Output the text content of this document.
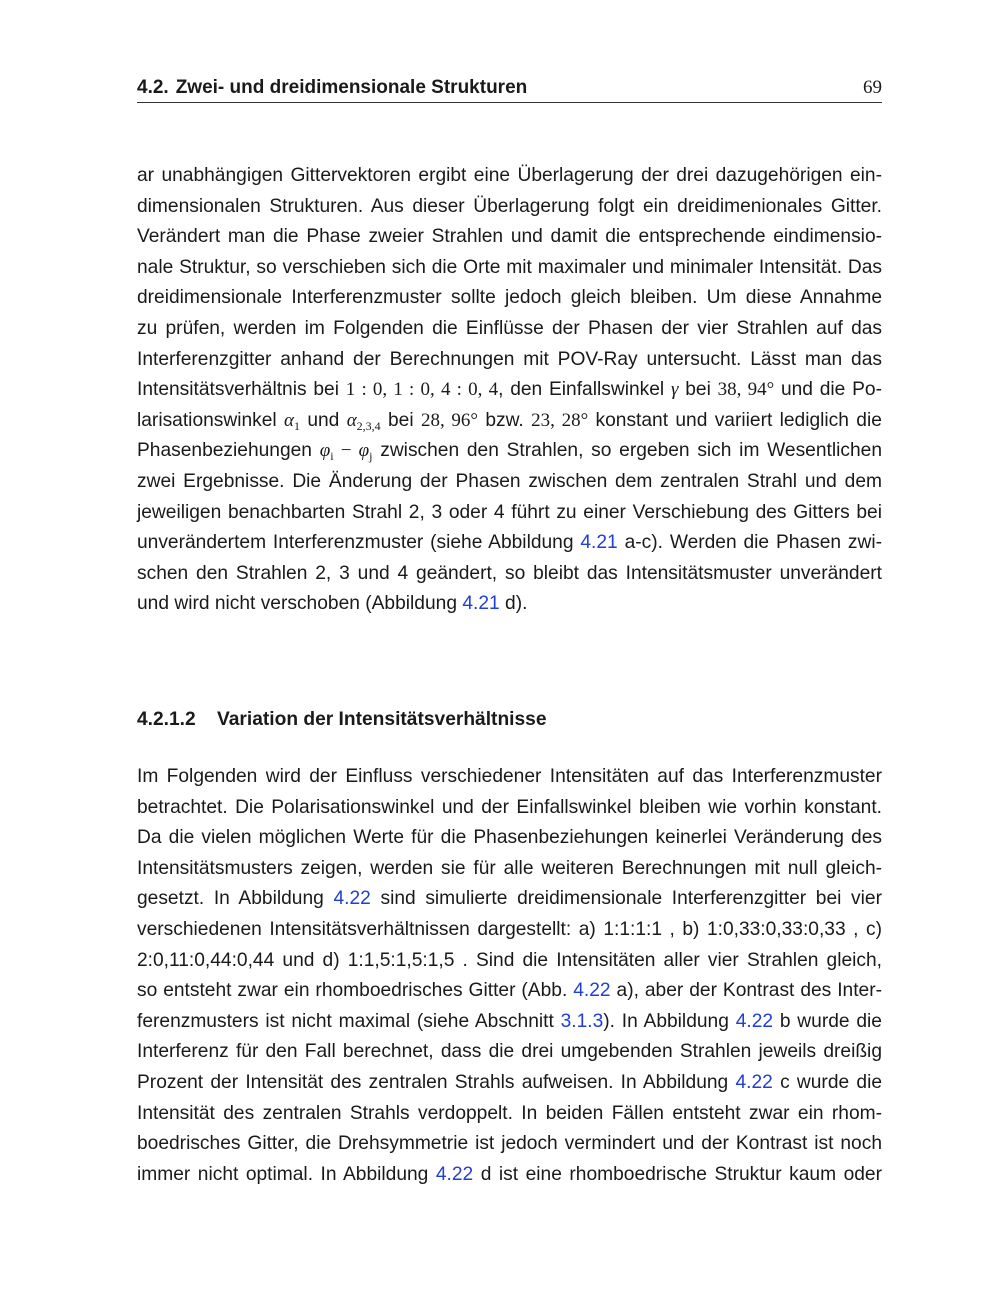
4.2. Zwei- und dreidimensionale Strukturen	69
ar unabhängigen Gittervektoren ergibt eine Überlagerung der drei dazugehörigen ein-
dimensionalen Strukturen. Aus dieser Überlagerung folgt ein dreidimenionales Gitter.
Verändert man die Phase zweier Strahlen und damit die entsprechende eindimensio-
nale Struktur, so verschieben sich die Orte mit maximaler und minimaler Intensität. Das
dreidimensionale Interferenzmuster sollte jedoch gleich bleiben. Um diese Annahme
zu prüfen, werden im Folgenden die Einflüsse der Phasen der vier Strahlen auf das
Interferenzgitter anhand der Berechnungen mit POV-Ray untersucht. Lässt man das
Intensitätsverhältnis bei 1 : 0, 1 : 0, 4 : 0, 4, den Einfallswinkel γ bei 38, 94° und die Po-
larisationswinkel $\alpha_1$ und $\alpha_{2,3,4}$ bei 28, 96° bzw. 23, 28° konstant und variiert lediglich die
Phasenbeziehungen $\varphi_i - \varphi_j$ zwischen den Strahlen, so ergeben sich im Wesentlichen
zwei Ergebnisse. Die Änderung der Phasen zwischen dem zentralen Strahl und dem
jeweiligen benachbarten Strahl 2, 3 oder 4 führt zu einer Verschiebung des Gitters bei
unverändertem Interferenzmuster (siehe Abbildung 4.21 a-c). Werden die Phasen zwi-
schen den Strahlen 2, 3 und 4 geändert, so bleibt das Intensitätsmuster unverändert
und wird nicht verschoben (Abbildung 4.21 d).
4.2.1.2 Variation der Intensitätsverhältnisse
Im Folgenden wird der Einfluss verschiedener Intensitäten auf das Interferenzmuster
betrachtet. Die Polarisationswinkel und der Einfallswinkel bleiben wie vorhin konstant.
Da die vielen möglichen Werte für die Phasenbeziehungen keinerlei Veränderung des
Intensitätsmusters zeigen, werden sie für alle weiteren Berechnungen mit null gleich-
gesetzt. In Abbildung 4.22 sind simulierte dreidimensionale Interferenzgitter bei vier
verschiedenen Intensitätsverhältnissen dargestellt: a) 1:1:1:1 , b) 1:0,33:0,33:0,33 , c)
2:0,11:0,44:0,44 und d) 1:1,5:1,5:1,5 . Sind die Intensitäten aller vier Strahlen gleich,
so entsteht zwar ein rhomboedrisches Gitter (Abb. 4.22 a), aber der Kontrast des Inter-
ferenzmusters ist nicht maximal (siehe Abschnitt 3.1.3). In Abbildung 4.22 b wurde die
Interferenz für den Fall berechnet, dass die drei umgebenden Strahlen jeweils dreißig
Prozent der Intensität des zentralen Strahls aufweisen. In Abbildung 4.22 c wurde die
Intensität des zentralen Strahls verdoppelt. In beiden Fällen entsteht zwar ein rhom-
boedrisches Gitter, die Drehsymmetrie ist jedoch vermindert und der Kontrast ist noch
immer nicht optimal. In Abbildung 4.22 d ist eine rhomboedrische Struktur kaum oder
